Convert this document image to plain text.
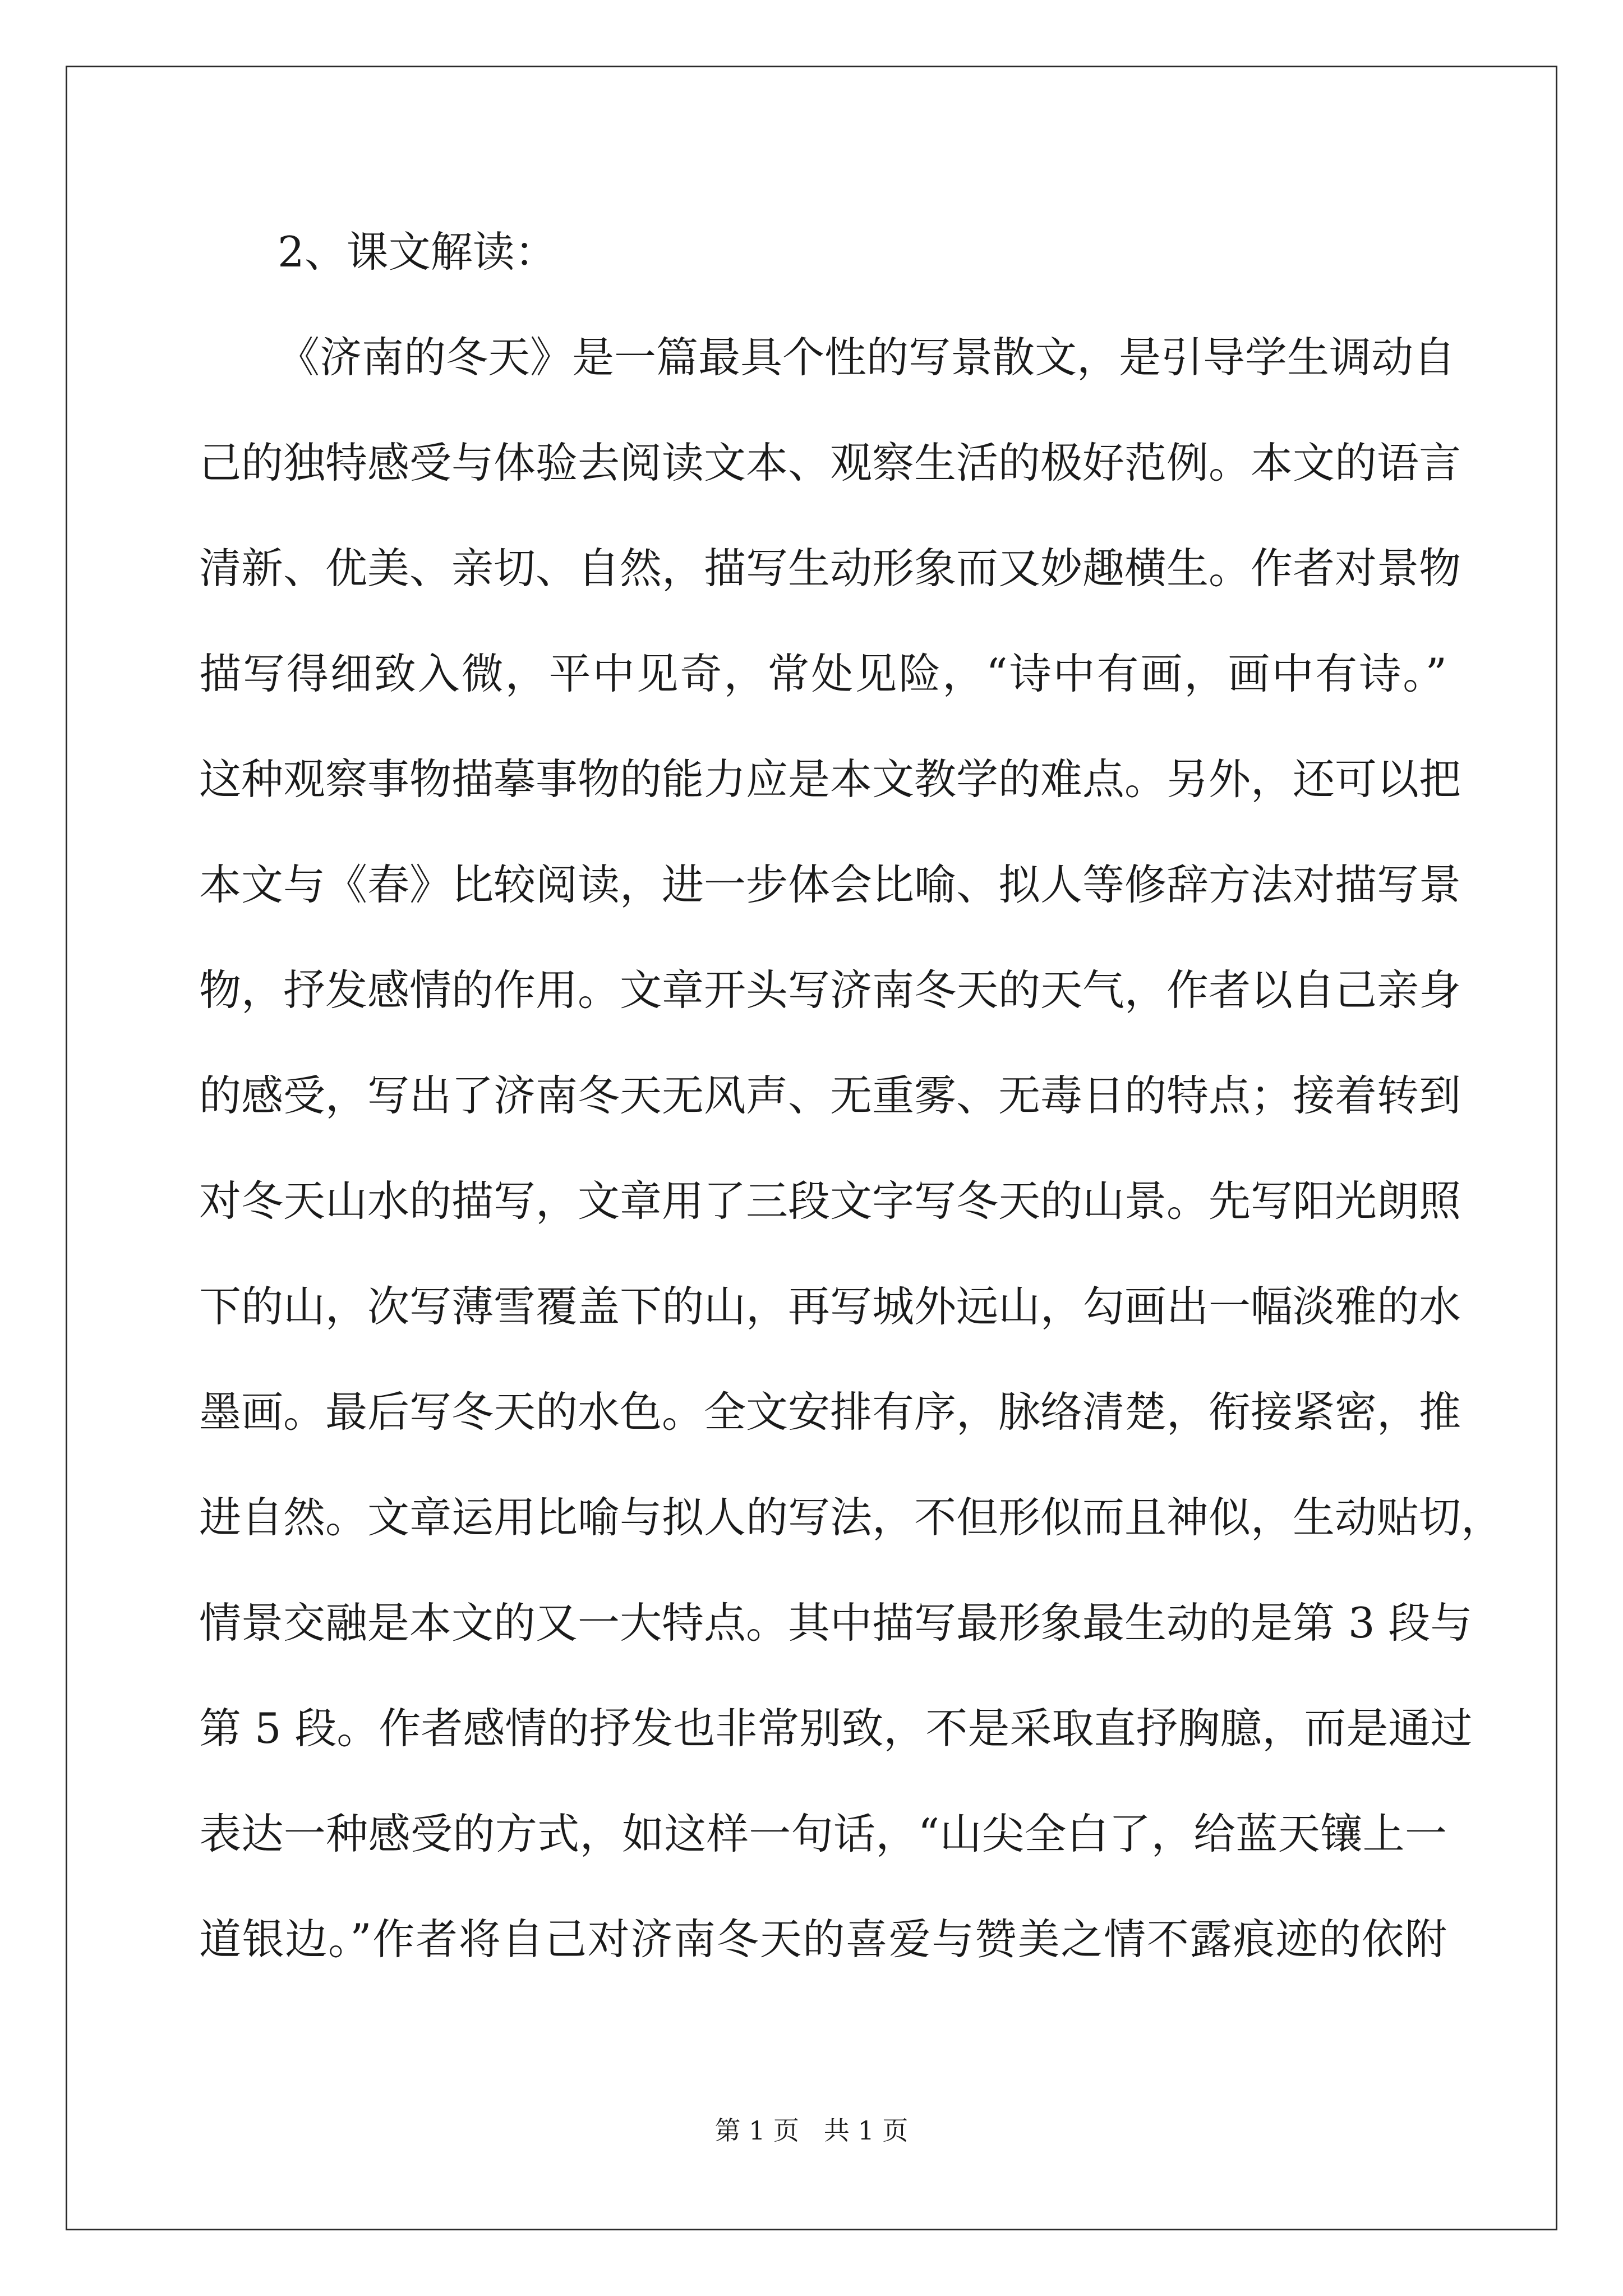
2、课文解读：

《济南的冬天》是一篇最具个性的写景散文，是引导学生调动自

己的独特感受与体验去阅读文本、观察生活的极好范例。本文的语言

清新、优美、亲切、自然，描写生动形象而又妙趣横生。作者对景物

描写得细致入微，平中见奇，常处见险，“诗中有画，画中有诗。”

这种观察事物描摹事物的能力应是本文教学的难点。另外，还可以把

本文与《春》比较阅读，进一步体会比喻、拟人等修辞方法对描写景

物，抒发感情的作用。文章开头写济南冬天的天气，作者以自己亲身

的感受，写出了济南冬天无风声、无重雾、无毒日的特点；接着转到

对冬天山水的描写，文章用了三段文字写冬天的山景。先写阳光朗照

下的山，次写薄雪覆盖下的山，再写城外远山，勾画出一幅淡雅的水

墨画。最后写冬天的水色。全文安排有序，脉络清楚，衔接紧密，推

进自然。文章运用比喻与拟人的写法，不但形似而且神似，生动贴切，

情景交融是本文的又一大特点。其中描写最形象最生动的是第 3 段与

第 5 段。作者感情的抒发也非常别致，不是采取直抒胸臆，而是通过

表达一种感受的方式，如这样一句话，“山尖全白了，给蓝天镶上一

道银边。”作者将自己对济南冬天的喜爱与赞美之情不露痕迹的依附

第 1 页   共 1 页
